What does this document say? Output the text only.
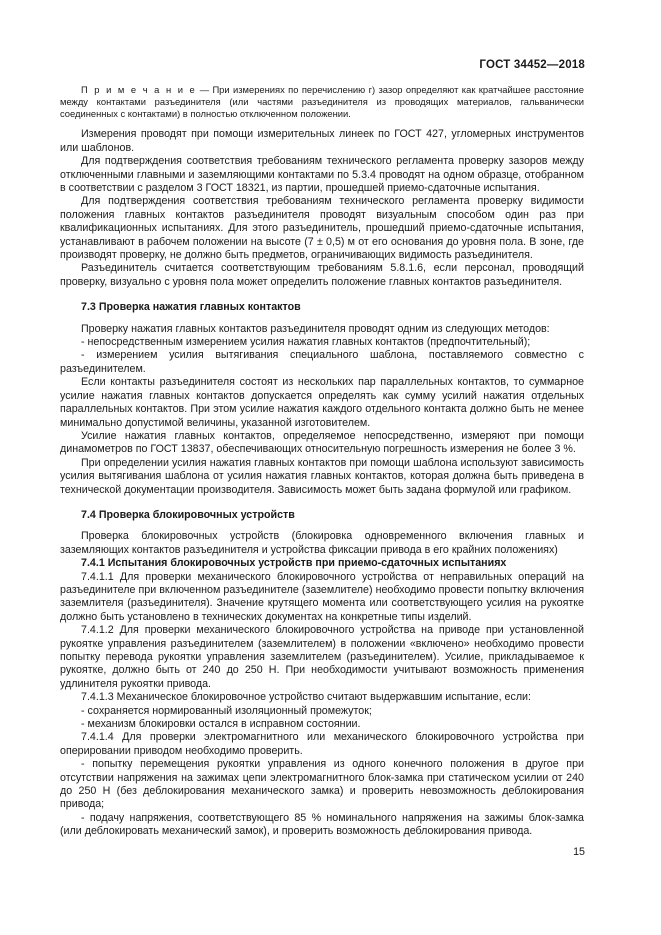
ГОСТ 34452—2018

П р и м е ч а н и е — При измерениях по перечислению г) зазор определяют как кратчайшее расстояние между контактами разъединителя (или частями разъединителя из проводящих материалов, гальванически соединенных с контактами) в полностью отключенном положении.

Измерения проводят при помощи измерительных линеек по ГОСТ 427, угломерных инструментов или шаблонов.

Для подтверждения соответствия требованиям технического регламента проверку зазоров между отключенными главными и заземляющими контактами по 5.3.4 проводят на одном образце, отобранном в соответствии с разделом 3 ГОСТ 18321, из партии, прошедшей приемо-сдаточные испытания.

Для подтверждения соответствия требованиям технического регламента проверку видимости положения главных контактов разъединителя проводят визуальным способом один раз при квалификационных испытаниях. Для этого разъединитель, прошедший приемо-сдаточные испытания, устанавливают в рабочем положении на высоте (7 ± 0,5) м от его основания до уровня пола. В зоне, где производят проверку, не должно быть предметов, ограничивающих видимость разъединителя.

Разъединитель считается соответствующим требованиям 5.8.1.6, если персонал, проводящий проверку, визуально с уровня пола может определить положение главных контактов разъединителя.

7.3 Проверка нажатия главных контактов

Проверку нажатия главных контактов разъединителя проводят одним из следующих методов:

- непосредственным измерением усилия нажатия главных контактов (предпочтительный);

- измерением усилия вытягивания специального шаблона, поставляемого совместно с разъединителем.

Если контакты разъединителя состоят из нескольких пар параллельных контактов, то суммарное усилие нажатия главных контактов допускается определять как сумму усилий нажатия отдельных параллельных контактов. При этом усилие нажатия каждого отдельного контакта должно быть не менее минимально допустимой величины, указанной изготовителем.

Усилие нажатия главных контактов, определяемое непосредственно, измеряют при помощи динамометров по ГОСТ 13837, обеспечивающих относительную погрешность измерения не более 3 %.

При определении усилия нажатия главных контактов при помощи шаблона используют зависимость усилия вытягивания шаблона от усилия нажатия главных контактов, которая должна быть приведена в технической документации производителя. Зависимость может быть задана формулой или графиком.

7.4 Проверка блокировочных устройств

Проверка блокировочных устройств (блокировка одновременного включения главных и заземляющих контактов разъединителя и устройства фиксации привода в его крайних положениях)

7.4.1 Испытания блокировочных устройств при приемо-сдаточных испытаниях

7.4.1.1 Для проверки механического блокировочного устройства от неправильных операций на разъединителе при включенном разъединителе (заземлителе) необходимо провести попытку включения заземлителя (разъединителя). Значение крутящего момента или соответствующего усилия на рукоятке должно быть установлено в технических документах на конкретные типы изделий.

7.4.1.2 Для проверки механического блокировочного устройства на приводе при установленной рукоятке управления разъединителем (заземлителем) в положении «включено» необходимо провести попытку перевода рукоятки управления заземлителем (разъединителем). Усилие, прикладываемое к рукоятке, должно быть от 240 до 250 Н. При необходимости учитывают возможность применения удлинителя рукоятки привода.

7.4.1.3 Механическое блокировочное устройство считают выдержавшим испытание, если:

- сохраняется нормированный изоляционный промежуток;

- механизм блокировки остался в исправном состоянии.

7.4.1.4 Для проверки электромагнитного или механического блокировочного устройства при оперировании приводом необходимо проверить.

- попытку перемещения рукоятки управления из одного конечного положения в другое при отсутствии напряжения на зажимах цепи электромагнитного блок-замка при статическом усилии от 240 до 250 Н (без деблокирования механического замка) и проверить невозможность деблокирования привода;

- подачу напряжения, соответствующего 85 % номинального напряжения на зажимы блок-замка (или деблокировать механический замок), и проверить возможность деблокирования привода.

15
